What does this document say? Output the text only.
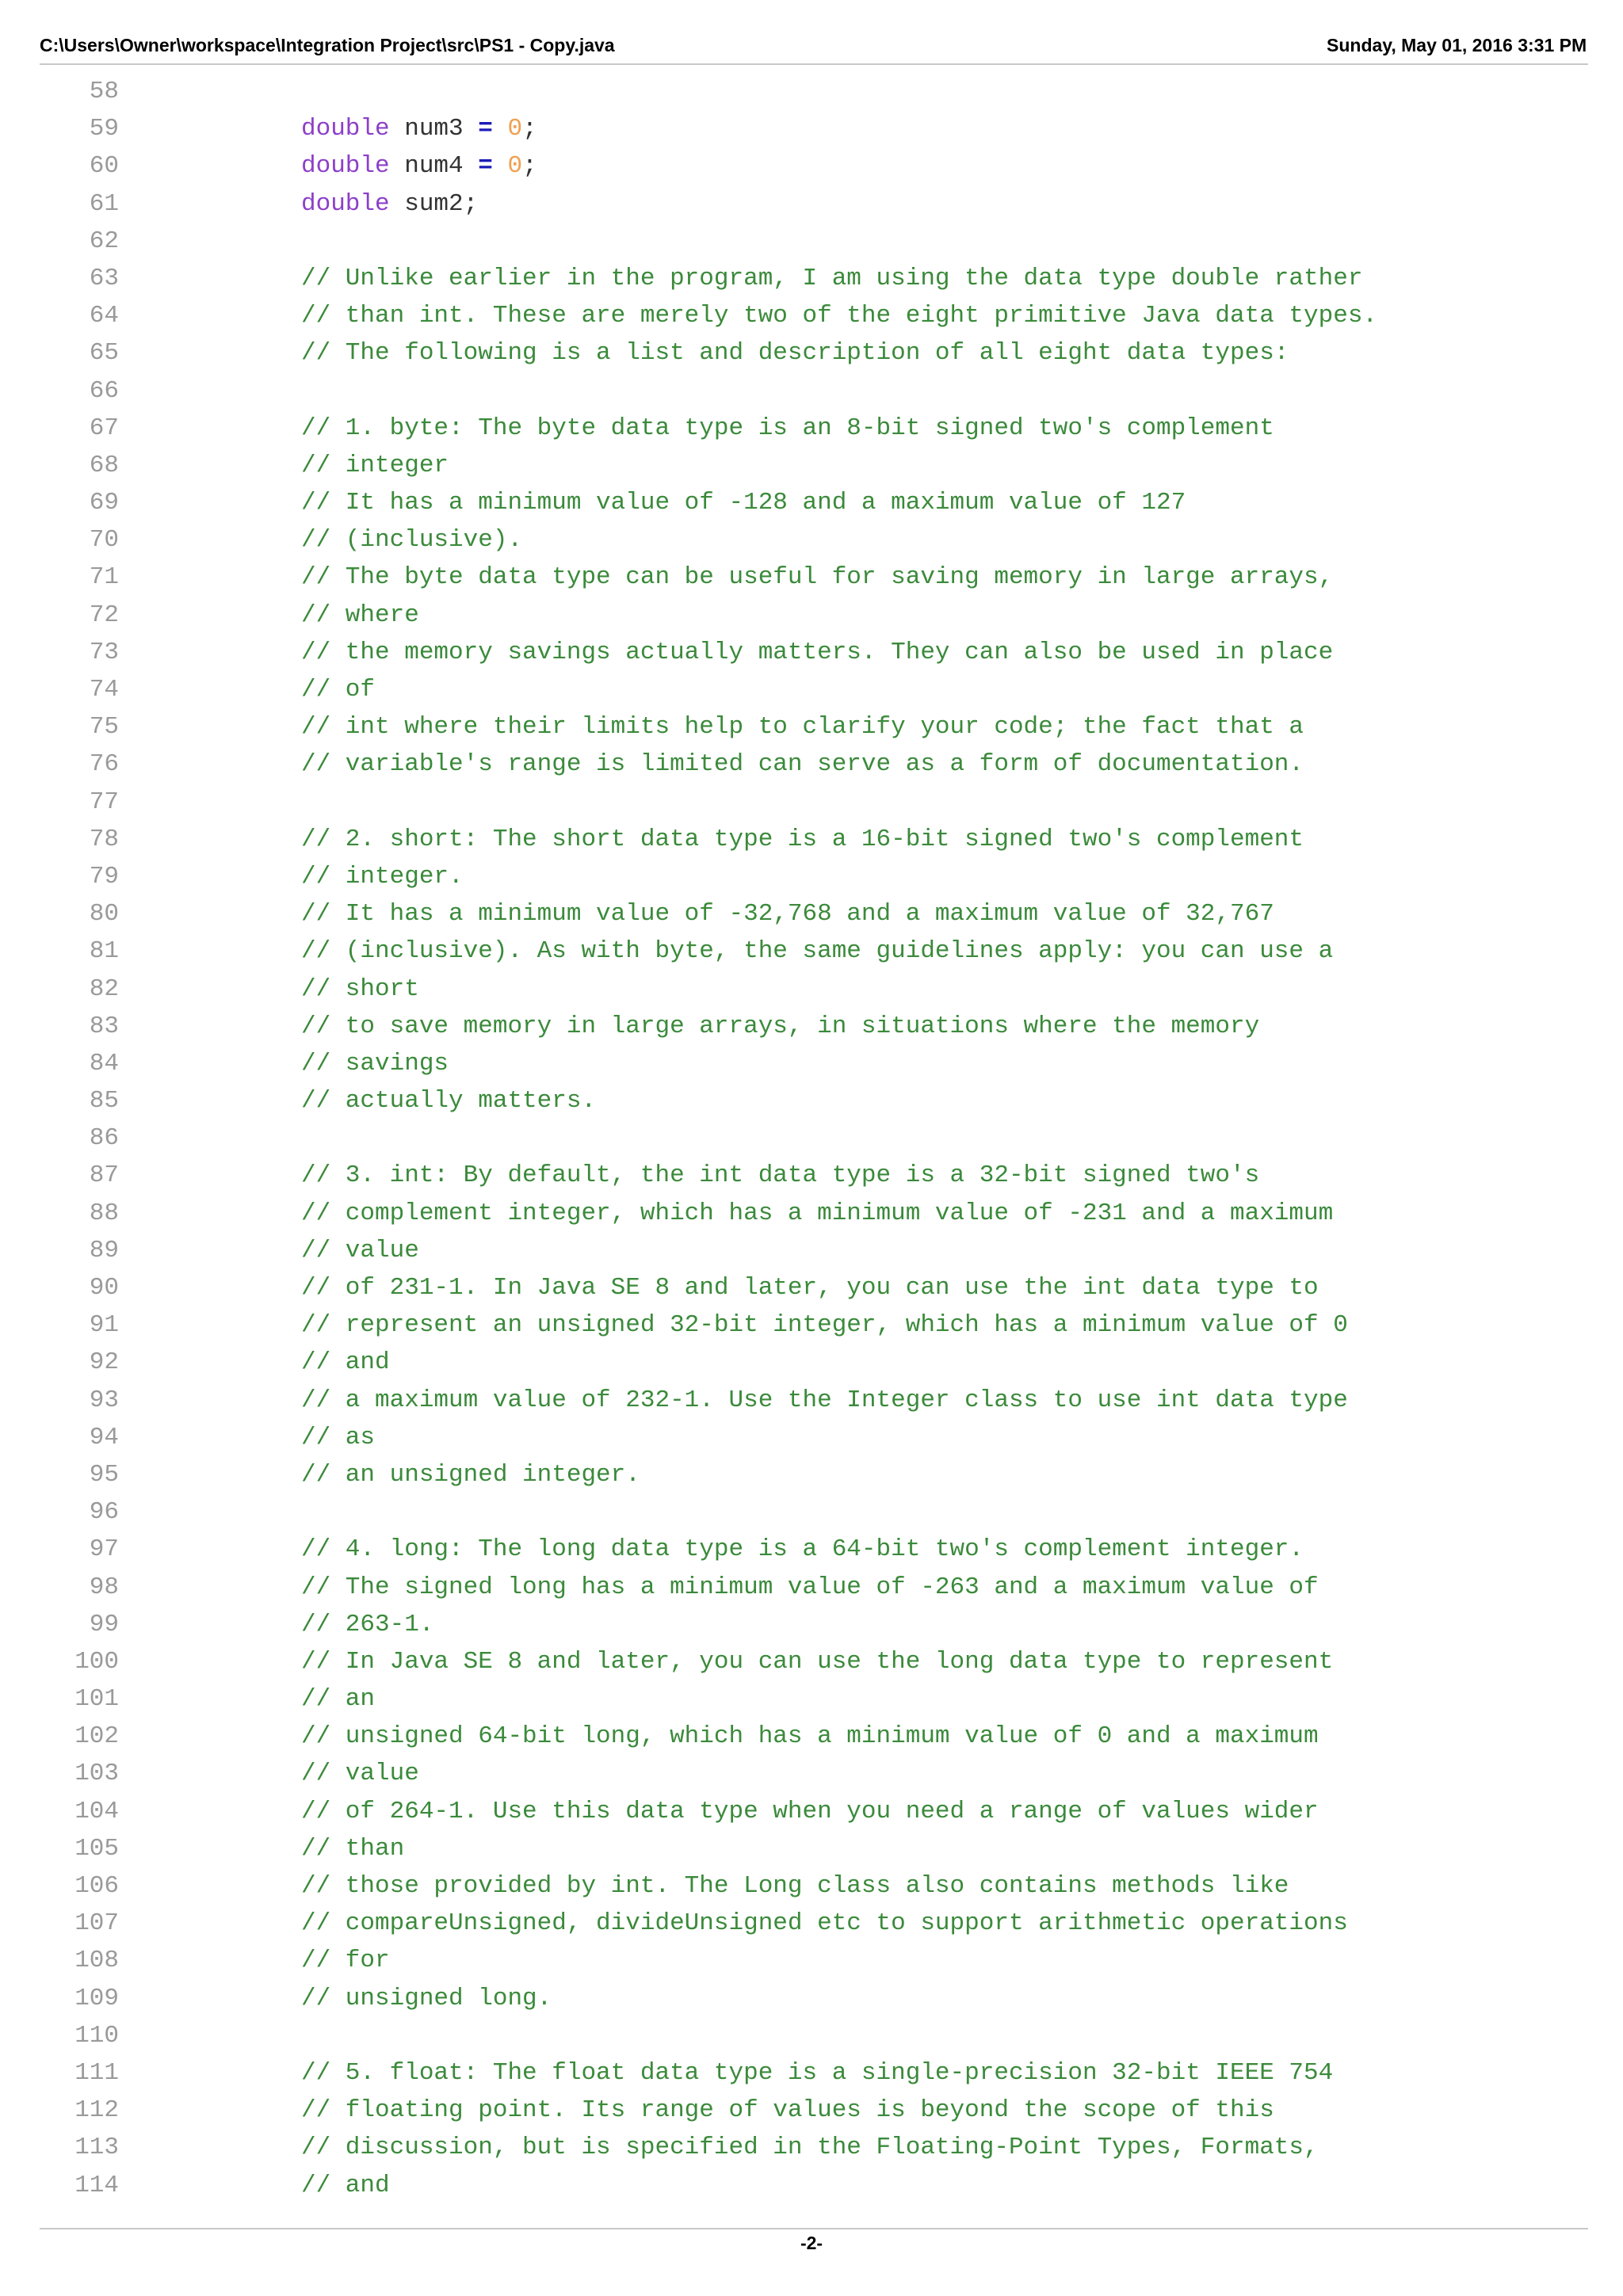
C:\Users\Owner\workspace\Integration Project\src\PS1 - Copy.java	Sunday, May 01, 2016 3:31 PM
58
59	double num3 = 0;
60	double num4 = 0;
61	double sum2;
62
63	// Unlike earlier in the program, I am using the data type double rather
64	// than int. These are merely two of the eight primitive Java data types.
65	// The following is a list and description of all eight data types:
66
67	// 1. byte: The byte data type is an 8-bit signed two's complement
68	// integer
69	// It has a minimum value of -128 and a maximum value of 127
70	// (inclusive).
71	// The byte data type can be useful for saving memory in large arrays,
72	// where
73	// the memory savings actually matters. They can also be used in place
74	// of
75	// int where their limits help to clarify your code; the fact that a
76	// variable's range is limited can serve as a form of documentation.
77
78	// 2. short: The short data type is a 16-bit signed two's complement
79	// integer.
80	// It has a minimum value of -32,768 and a maximum value of 32,767
81	// (inclusive). As with byte, the same guidelines apply: you can use a
82	// short
83	// to save memory in large arrays, in situations where the memory
84	// savings
85	// actually matters.
86
87	// 3. int: By default, the int data type is a 32-bit signed two's
88	// complement integer, which has a minimum value of -231 and a maximum
89	// value
90	// of 231-1. In Java SE 8 and later, you can use the int data type to
91	// represent an unsigned 32-bit integer, which has a minimum value of 0
92	// and
93	// a maximum value of 232-1. Use the Integer class to use int data type
94	// as
95	// an unsigned integer.
96
97	// 4. long: The long data type is a 64-bit two's complement integer.
98	// The signed long has a minimum value of -263 and a maximum value of
99	// 263-1.
100	// In Java SE 8 and later, you can use the long data type to represent
101	// an
102	// unsigned 64-bit long, which has a minimum value of 0 and a maximum
103	// value
104	// of 264-1. Use this data type when you need a range of values wider
105	// than
106	// those provided by int. The Long class also contains methods like
107	// compareUnsigned, divideUnsigned etc to support arithmetic operations
108	// for
109	// unsigned long.
110
111	// 5. float: The float data type is a single-precision 32-bit IEEE 754
112	// floating point. Its range of values is beyond the scope of this
113	// discussion, but is specified in the Floating-Point Types, Formats,
114	// and
-2-
